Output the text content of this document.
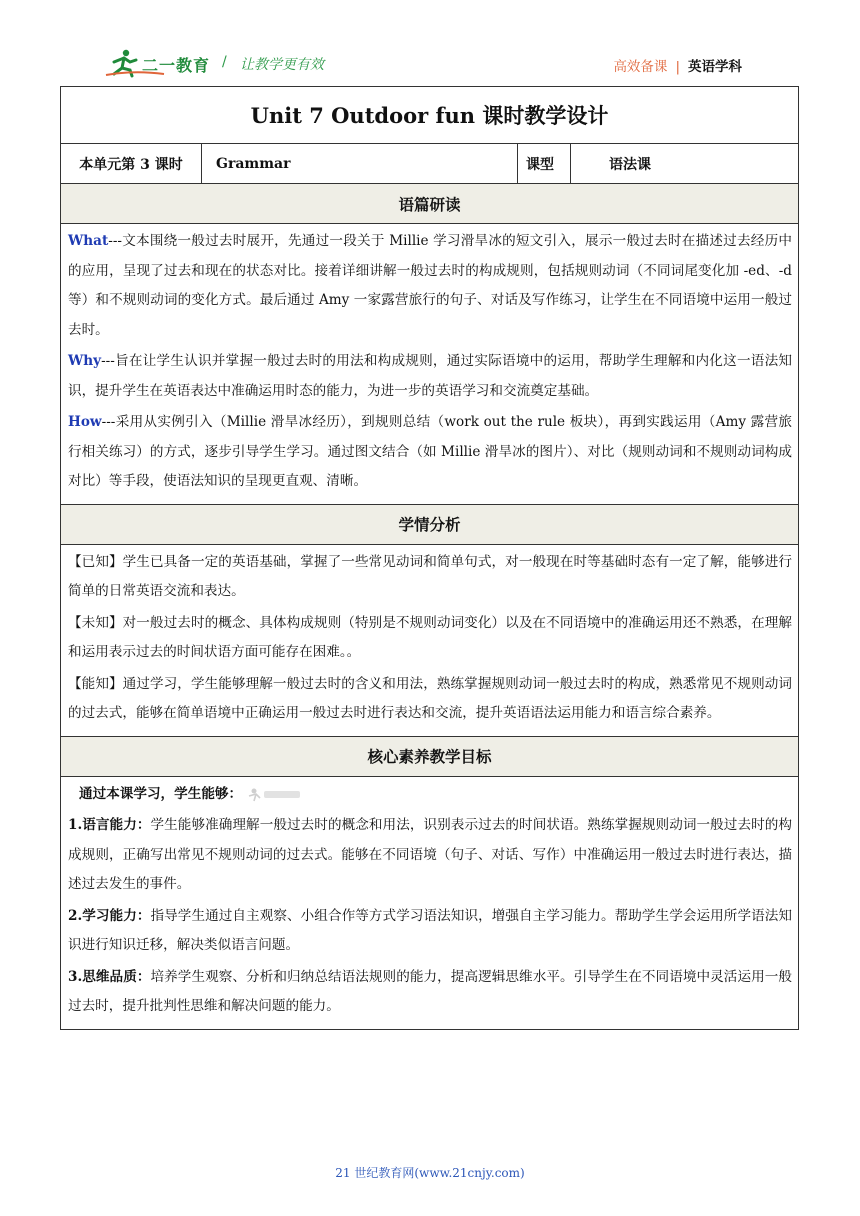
二一教育 / 让教学更有效	高效备课 | 英语学科
Unit 7 Outdoor fun 课时教学设计
本单元第 3 课时	Grammar	课型	语法课
语篇研读

What---文本围绕一般过去时展开，先通过一段关于 Millie 学习滑旱冰的短文引入，展示一般过去时在描述过去经历中的应用，呈现了过去和现在的状态对比。接着详细讲解一般过去时的构成规则，包括规则动词（不同词尾变化加 -ed、-d 等）和不规则动词的变化方式。最后通过 Amy 一家露营旅行的句子、对话及写作练习，让学生在不同语境中运用一般过去时。

Why---旨在让学生认识并掌握一般过去时的用法和构成规则，通过实际语境中的运用，帮助学生理解和内化这一语法知识，提升学生在英语表达中准确运用时态的能力，为进一步的英语学习和交流奠定基础。

How---采用从实例引入（Millie 滑旱冰经历），到规则总结（work out the rule 板块），再到实践运用（Amy 露营旅行相关练习）的方式，逐步引导学生学习。通过图文结合（如 Millie 滑旱冰的图片）、对比（规则动词和不规则动词构成对比）等手段，使语法知识的呈现更直观、清晰。

学情分析

【已知】学生已具备一定的英语基础，掌握了一些常见动词和简单句式，对一般现在时等基础时态有一定了解，能够进行简单的日常英语交流和表达。

【未知】对一般过去时的概念、具体构成规则（特别是不规则动词变化）以及在不同语境中的准确运用还不熟悉，在理解和运用表示过去的时间状语方面可能存在困难。。

【能知】通过学习，学生能够理解一般过去时的含义和用法，熟练掌握规则动词一般过去时的构成，熟悉常见不规则动词的过去式，能够在简单语境中正确运用一般过去时进行表达和交流，提升英语语法运用能力和语言综合素养。

核心素养教学目标

通过本课学习，学生能够：

1.语言能力：学生能够准确理解一般过去时的概念和用法，识别表示过去的时间状语。熟练掌握规则动词一般过去时的构成规则，正确写出常见不规则动词的过去式。能够在不同语境（句子、对话、写作）中准确运用一般过去时进行表达，描述过去发生的事件。

2.学习能力：指导学生通过自主观察、小组合作等方式学习语法知识，增强自主学习能力。帮助学生学会运用所学语法知识进行知识迁移，解决类似语言问题。

3.思维品质：培养学生观察、分析和归纳总结语法规则的能力，提高逻辑思维水平。引导学生在不同语境中灵活运用一般过去时，提升批判性思维和解决问题的能力。

21 世纪教育网(www.21cnjy.com)
